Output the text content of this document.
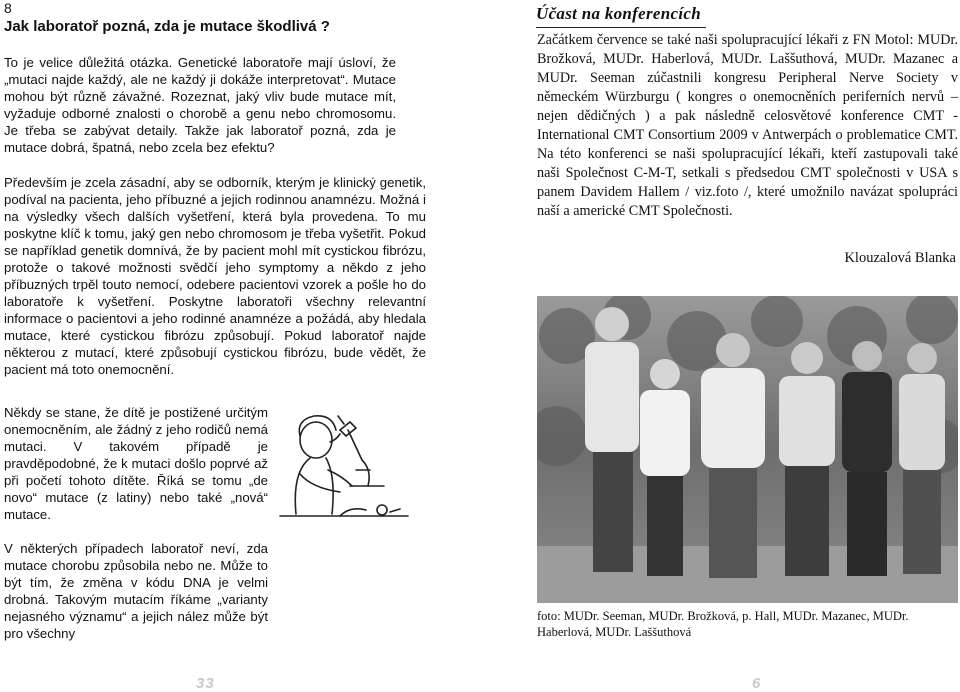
8
Jak laboratoř pozná, zda je mutace škodlivá ?

To je velice důležitá otázka. Genetické laboratoře mají úsloví, že „mutaci najde každý, ale ne každý ji dokáže interpretovat“. Mutace mohou být různě závažné. Rozeznat, jaký vliv bude mutace mít, vyžaduje odborné znalosti o chorobě a genu nebo chromosomu. Je třeba se zabývat detaily. Takže jak laboratoř pozná, zda je mutace dobrá, špatná, nebo zcela bez efektu?

Především je zcela zásadní, aby se odborník, kterým je klinický genetik, podíval na pacienta, jeho příbuzné a jejich rodinnou anamnézu. Možná i na výsledky všech dalších vyšetření, která byla provedena. To mu poskytne klíč k tomu, jaký gen nebo chromosom je třeba vyšetřit. Pokud se například genetik domnívá, že by pacient mohl mít cystickou fibrózu, protože o takové možnosti svědčí jeho symptomy a někdo z jeho příbuzných trpěl touto nemocí, odebere pacientovi vzorek a pošle ho do laboratoře k vyšetření. Poskytne laboratoři všechny relevantní informace o pacientovi a jeho rodinné anamnéze a požádá, aby hledala mutace, které cystickou fibrózu způsobují. Pokud laboratoř najde některou z mutací, které způsobují cystickou fibrózu, bude vědět, že pacient má toto onemocnění.

Někdy se stane, že dítě je postižené určitým onemocněním, ale žádný z jeho rodičů nemá mutaci. V takovém případě je pravděpodobné, že k mutaci došlo poprvé až při početí tohoto dítěte. Říká se tomu „de novo“ mutace (z latiny) nebo také „nová“ mutace.

V některých případech laboratoř neví, zda mutace chorobu způsobila nebo ne. Může to být tím, že změna v kódu DNA je velmi drobná. Takovým mutacím říkáme „varianty nejasného významu“ a jejich nález může být pro všechny

Účast na konferencích

Začátkem července se také naši spolupracující lékaři z FN Motol: MUDr. Brožková, MUDr. Haberlová, MUDr. Laššuthová, MUDr. Mazanec a MUDr. Seeman zúčastnili kongresu Peripheral Nerve Society v německém Würzburgu ( kongres o onemocněních periferních nervů – nejen dědičných ) a pak následně celosvětové konference CMT - International CMT Consortium 2009 v Antwerpách o problematice CMT. Na této konferenci se naši spolupracující lékaři, kteří zastupovali také naši Společnost C-M-T, setkali s předsedou CMT společnosti v USA s panem Davidem Hallem / viz.foto /, které umožnilo navázat spolupráci naší a americké CMT Společnosti.

Klouzalová Blanka
foto: MUDr. Seeman, MUDr. Brožková, p. Hall, MUDr. Mazanec, MUDr. Haberlová, MUDr. Laššuthová
33	6
